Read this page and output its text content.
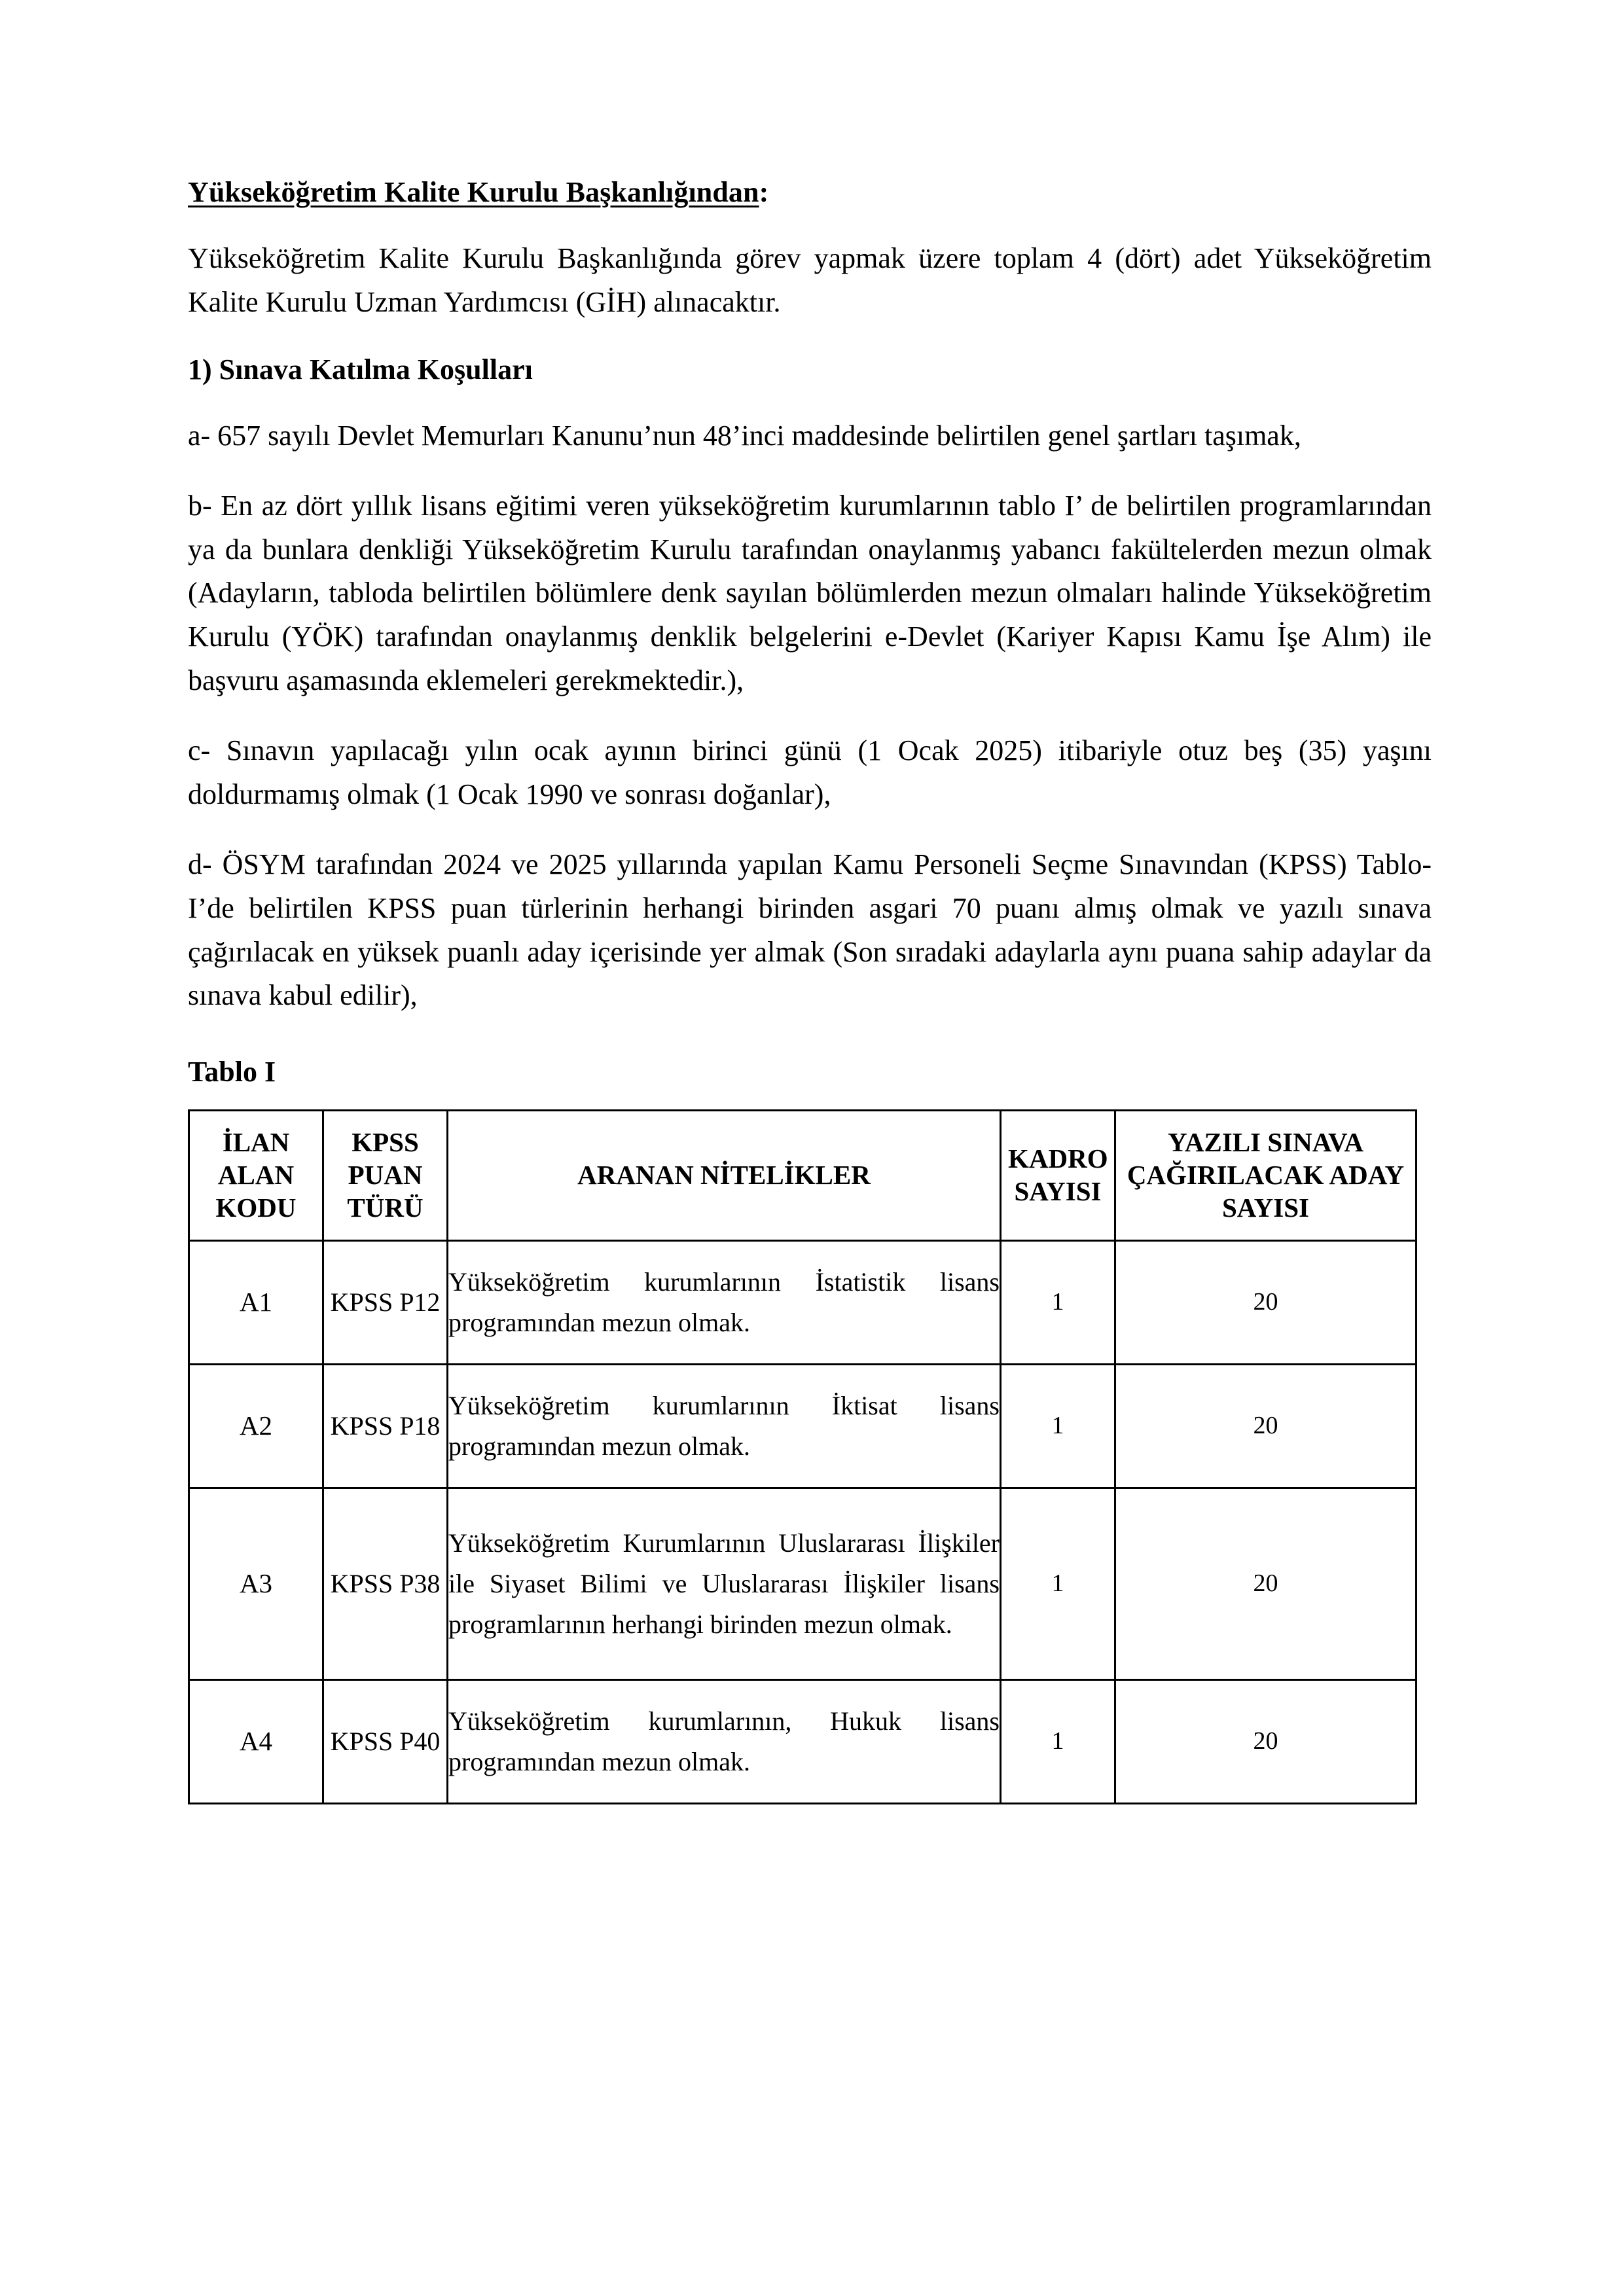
Yükseköğretim Kalite Kurulu Başkanlığından:

Yükseköğretim Kalite Kurulu Başkanlığında görev yapmak üzere toplam 4 (dört) adet Yükseköğretim Kalite Kurulu Uzman Yardımcısı (GİH) alınacaktır.

1) Sınava Katılma Koşulları

a- 657 sayılı Devlet Memurları Kanunu’nun 48’inci maddesinde belirtilen genel şartları taşımak,

b- En az dört yıllık lisans eğitimi veren yükseköğretim kurumlarının tablo I’ de belirtilen programlarından ya da bunlara denkliği Yükseköğretim Kurulu tarafından onaylanmış yabancı fakültelerden mezun olmak (Adayların, tabloda belirtilen bölümlere denk sayılan bölümlerden mezun olmaları halinde Yükseköğretim Kurulu (YÖK) tarafından onaylanmış denklik belgelerini e-Devlet (Kariyer Kapısı Kamu İşe Alım) ile başvuru aşamasında eklemeleri gerekmektedir.),

c- Sınavın yapılacağı yılın ocak ayının birinci günü (1 Ocak 2025) itibariyle otuz beş (35) yaşını doldurmamış olmak (1 Ocak 1990 ve sonrası doğanlar),

d- ÖSYM tarafından 2024 ve 2025 yıllarında yapılan Kamu Personeli Seçme Sınavından (KPSS) Tablo-I’de belirtilen KPSS puan türlerinin herhangi birinden asgari 70 puanı almış olmak ve yazılı sınava çağırılacak en yüksek puanlı aday içerisinde yer almak (Son sıradaki adaylarla aynı puana sahip adaylar da sınava kabul edilir),

Tablo I
İLAN ALAN KODU	KPSS PUAN TÜRÜ	ARANAN NİTELİKLER	KADRO SAYISI	YAZILI SINAVA ÇAĞIRILACAK ADAY SAYISI
A1	KPSS P12	Yükseköğretim kurumlarının İstatistik lisans programından mezun olmak.	1	20
A2	KPSS P18	Yükseköğretim kurumlarının İktisat lisans programından mezun olmak.	1	20
A3	KPSS P38	Yükseköğretim Kurumlarının Uluslararası İlişkiler ile Siyaset Bilimi ve Uluslararası İlişkiler lisans programlarının herhangi birinden mezun olmak.	1	20
A4	KPSS P40	Yükseköğretim kurumlarının, Hukuk lisans programından mezun olmak.	1	20
